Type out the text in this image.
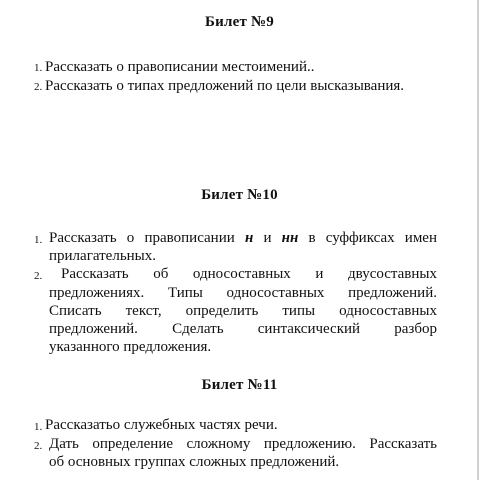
Билет №9
1. Рассказать о правописании местоимений..
2. Рассказать о типах предложений по цели высказывания.
Билет №10
1. Рассказать о правописании н и нн в суффиксах имен
прилагательных.
2. Рассказать об односоставных и двусоставных
предложениях. Типы односоставных предложений.
Списать текст, определить типы односоставных
предложений. Сделать синтаксический разбор
указанного предложения.
Билет №11
1. Рассказатьо служебных частях речи.
2. Дать определение сложному предложению. Рассказать
об основных группах сложных предложений.
